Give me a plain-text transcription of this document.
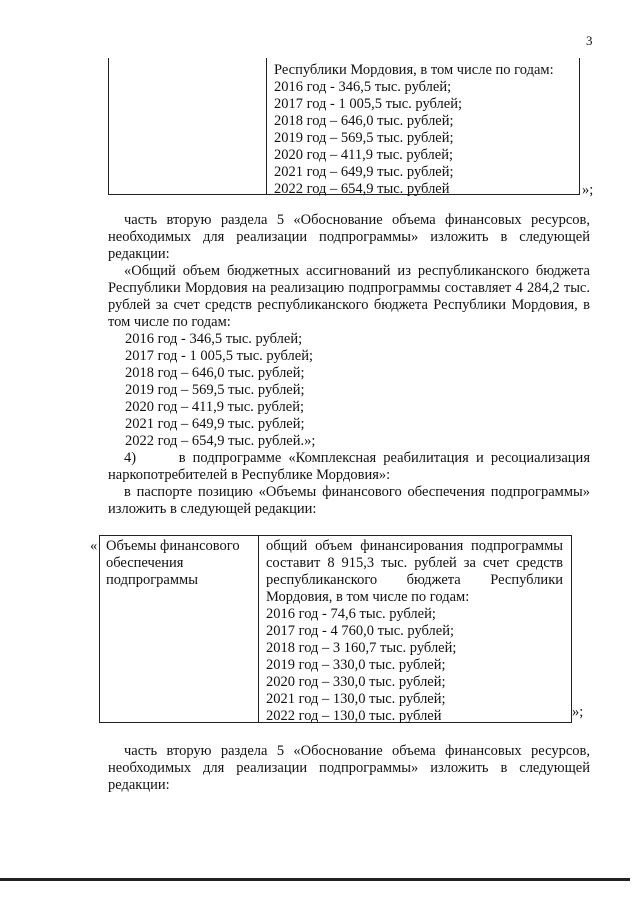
3
Республики Мордовия, в том числе по годам:
2016 год - 346,5 тыс. рублей;
2017 год - 1 005,5 тыс. рублей;
2018 год – 646,0 тыс. рублей;
2019 год – 569,5 тыс. рублей;
2020 год – 411,9 тыс. рублей;
2021 год – 649,9 тыс. рублей;
2022 год – 654,9 тыс. рублей	»;
часть вторую раздела 5 «Обоснование объема финансовых ресурсов, необходимых для реализации подпрограммы» изложить в следующей редакции:
«Общий объем бюджетных ассигнований из республиканского бюджета Республики Мордовия на реализацию подпрограммы составляет 4 284,2 тыс. рублей за счет средств республиканского бюджета Республики Мордовия, в том числе по годам:
2016 год - 346,5 тыс. рублей;
2017 год - 1 005,5 тыс. рублей;
2018 год – 646,0 тыс. рублей;
2019 год – 569,5 тыс. рублей;
2020 год – 411,9 тыс. рублей;
2021 год – 649,9 тыс. рублей;
2022 год – 654,9 тыс. рублей.»;
4)      в подпрограмме «Комплексная реабилитация и ресоциализация наркопотребителей в Республике Мордовия»:
в паспорте позицию «Объемы финансового обеспечения подпрограммы» изложить в следующей редакции:
« Объемы финансового обеспечения подпрограммы
общий объем финансирования подпрограммы составит 8 915,3 тыс. рублей за счет средств республиканского бюджета Республики Мордовия, в том числе по годам:
2016 год - 74,6 тыс. рублей;
2017 год - 4 760,0 тыс. рублей;
2018 год – 3 160,7 тыс. рублей;
2019 год – 330,0 тыс. рублей;
2020 год – 330,0 тыс. рублей;
2021 год – 130,0 тыс. рублей;
2022 год – 130,0 тыс. рублей	»;
часть вторую раздела 5 «Обоснование объема финансовых ресурсов, необходимых для реализации подпрограммы» изложить в следующей редакции:
